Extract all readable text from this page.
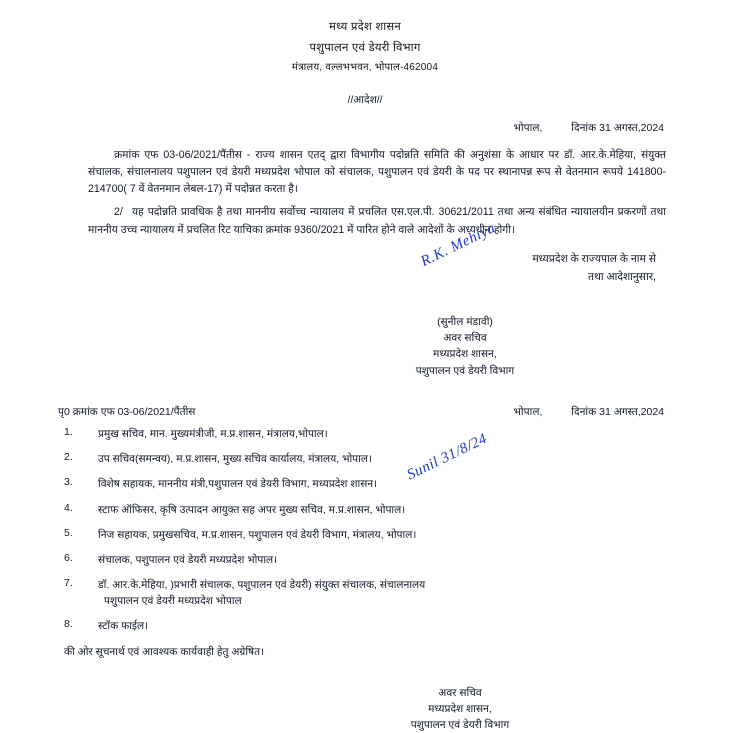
मध्य प्रदेश शासन
पशुपालन एवं डेयरी विभाग
मंत्रालय, वल्लभभवन, भोपाल-462004
//आदेश//
भोपाल,	दिनांक 31 अगस्त,2024
क्रमांक एफ 03-06/2021/पैंतीस - राज्य शासन एतद् द्वारा विभागीय पदोन्नति समिति की अनुशंसा के आधार पर डॉ. आर.के.मेहिया, संयुक्त संचालक, संचालनालय पशुपालन एवं डेयरी मध्यप्रदेश भोपाल को संचालक, पशुपालन एवं डेयरी के पद पर स्थानापन्न रूप से वेतनमान रूपये 141800-214700( 7 वें वेतनमान लेबल-17) में पदोन्नत करता है।
2/ यह पदोन्नति प्रावधिक है तथा माननीय सर्वोच्च न्यायालय में प्रचलित एस.एल.पी. 30621/2011 तथा अन्य संबंधित न्यायालयीन प्रकरणों तथा माननीय उच्च न्यायालय में प्रचलित रिट याचिका क्रमांक 9360/2021 में पारित होने वाले आदेशों के अध्यधीन होगी।
मध्यप्रदेश के राज्यपाल के नाम से
तथा आदेशानुसार,
(सुनील मंडावी)
अवर सचिव
मध्यप्रदेश शासन,
पशुपालन एवं डेयरी विभाग
पृ0 क्रमांक एफ 03-06/2021/पैंतीस	भोपाल,	दिनांक 31 अगस्त,2024
1.	प्रमुख सचिव, मान. मुख्यमंत्रीजी, म.प्र.शासन, मंत्रालय,भोपाल।
2.	उप सचिव(समन्वय), म.प्र.शासन, मुख्य सचिव कार्यालय, मंत्रालय, भोपाल।
3.	विशेष सहायक, माननीय मंत्री,पशुपालन एवं डेयरी विभाग, मध्यप्रदेश शासन।
4.	स्टाफ ऑफिसर, कृषि उत्पादन आयुक्त सह अपर मुख्य सचिव, म.प्र.शासन, भोपाल।
5.	निज सहायक, प्रमुखसचिव, म.प्र.शासन, पशुपालन एवं डेयरी विभाग, मंत्रालय, भोपाल।
6.	संचालक, पशुपालन एवं डेयरी मध्यप्रदेश भोपाल।
7.	डॉ. आर.के.मेहिया, )प्रभारी संचालक, पशुपालन एवं डेयरी) संयुक्त संचालक, संचालनालय
पशुपालन एवं डेयरी मध्यप्रदेश भोपाल
8.	स्टॉक फाईल।
की ओर सूचनार्थ एवं आवश्यक कार्यवाही हेतु अग्रेषित।
अवर सचिव
मध्यप्रदेश शासन,
पशुपालन एवं डेयरी विभाग
R.K. Mehiya
Sunil 31/8/24
